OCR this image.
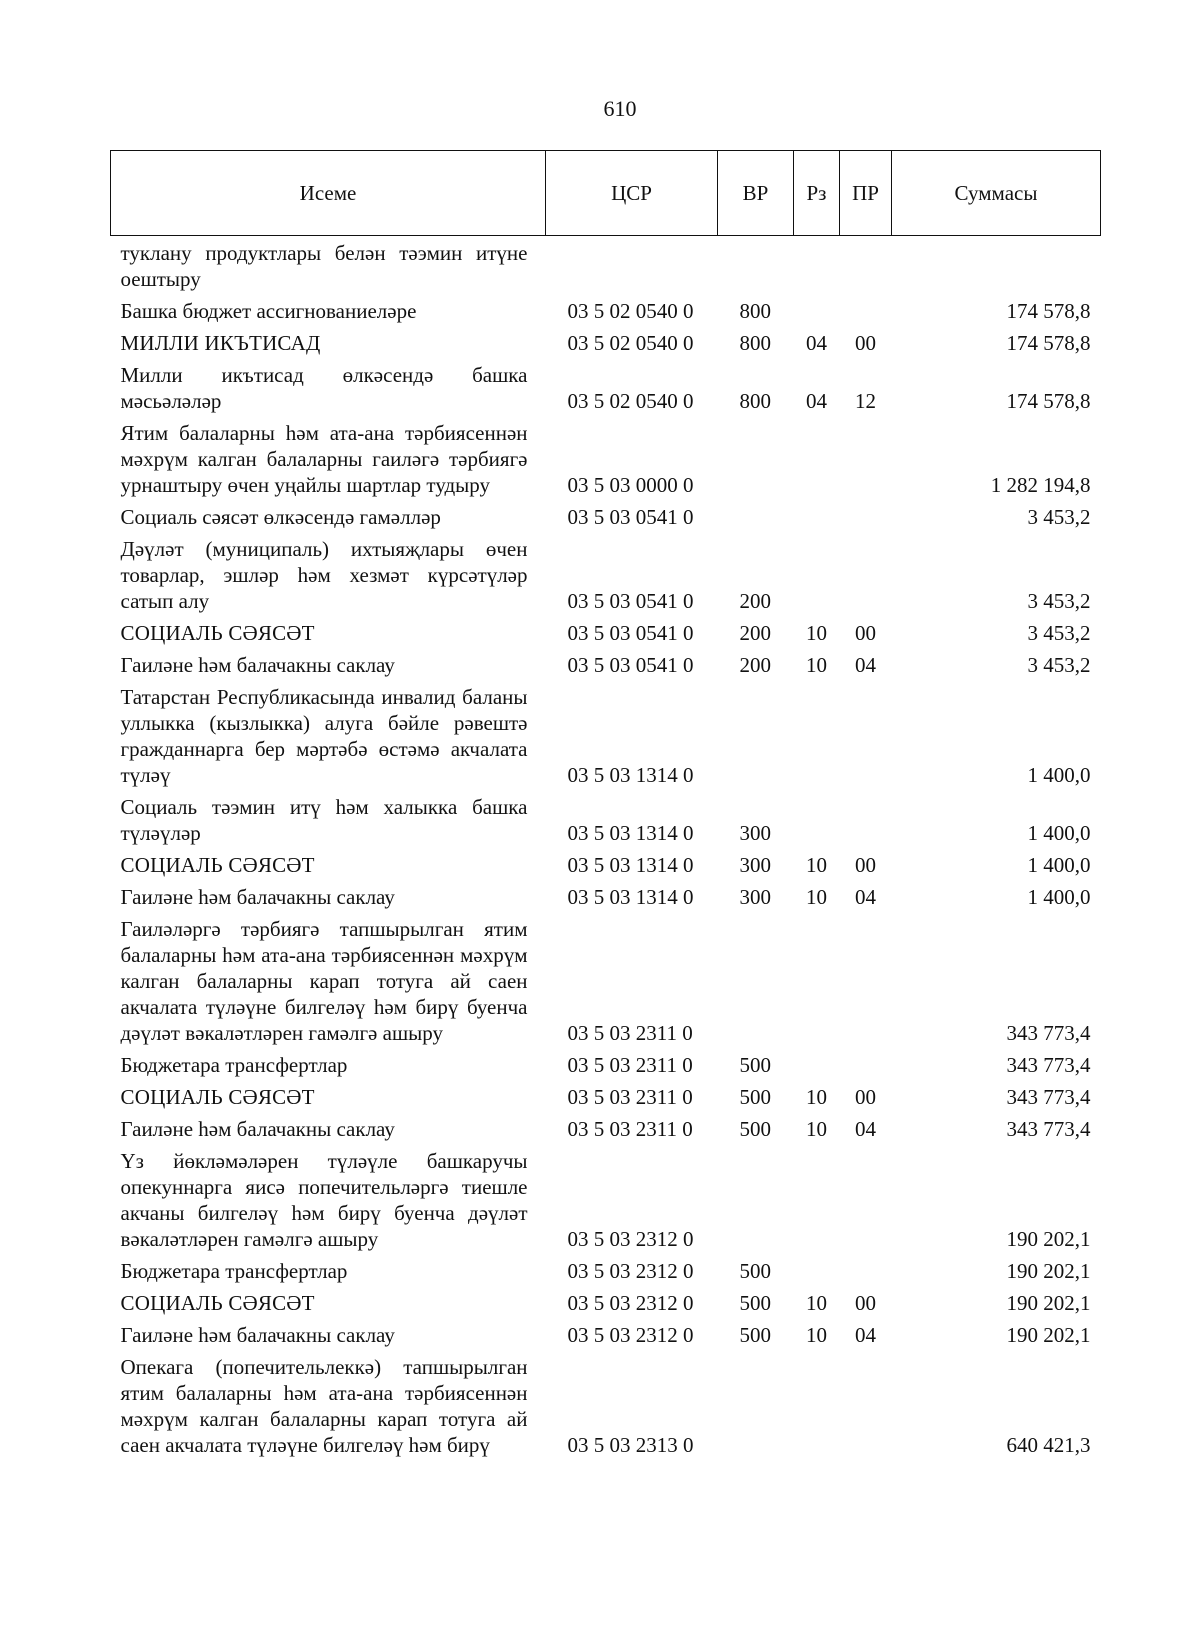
610
Исеме	ЦСР	ВР	Рз	ПР	Суммасы
туклану продуктлары белән тәэмин итүне оештыру					
Башка бюджет ассигнованиеләре	03 5 02 0540 0	800			174 578,8
МИЛЛИ ИКЪТИСАД	03 5 02 0540 0	800	04	00	174 578,8
Милли икътисад өлкәсендә башка мәсьәләләр	03 5 02 0540 0	800	04	12	174 578,8
Ятим балаларны һәм ата-ана тәрбиясеннән мәхрүм калган балаларны гаиләгә тәрбиягә урнаштыру өчен уңайлы шартлар тудыру	03 5 03 0000 0				1 282 194,8
Социаль сәясәт өлкәсендә гамәлләр	03 5 03 0541 0				3 453,2
Дәүләт (муниципаль) ихтыяҗлары өчен товарлар, эшләр һәм хезмәт күрсәтүләр сатып алу	03 5 03 0541 0	200			3 453,2
СОЦИАЛЬ СӘЯСӘТ	03 5 03 0541 0	200	10	00	3 453,2
Гаиләне һәм балачакны саклау	03 5 03 0541 0	200	10	04	3 453,2
Татарстан Республикасында инвалид баланы уллыкка (кызлыкка) алуга бәйле рәвештә гражданнарга бер мәртәбә өстәмә акчалата түләү	03 5 03 1314 0				1 400,0
Социаль тәэмин итү һәм халыкка башка түләүләр	03 5 03 1314 0	300			1 400,0
СОЦИАЛЬ СӘЯСӘТ	03 5 03 1314 0	300	10	00	1 400,0
Гаиләне һәм балачакны саклау	03 5 03 1314 0	300	10	04	1 400,0
Гаиләләргә тәрбиягә тапшырылган ятим балаларны һәм ата-ана тәрбиясеннән мәхрүм калган балаларны карап тотуга ай саен акчалата түләүне билгеләү һәм бирү буенча дәүләт вәкаләтләрен гамәлгә ашыру	03 5 03 2311 0				343 773,4
Бюджетара трансфертлар	03 5 03 2311 0	500			343 773,4
СОЦИАЛЬ СӘЯСӘТ	03 5 03 2311 0	500	10	00	343 773,4
Гаиләне һәм балачакны саклау	03 5 03 2311 0	500	10	04	343 773,4
Үз йөкләмәләрен түләүле башкаручы опекуннарга яисә попечительләргә тиешле акчаны билгеләү һәм бирү буенча дәүләт вәкаләтләрен гамәлгә ашыру	03 5 03 2312 0				190 202,1
Бюджетара трансфертлар	03 5 03 2312 0	500			190 202,1
СОЦИАЛЬ СӘЯСӘТ	03 5 03 2312 0	500	10	00	190 202,1
Гаиләне һәм балачакны саклау	03 5 03 2312 0	500	10	04	190 202,1
Опекага (попечительлеккә) тапшырылган ятим балаларны һәм ата-ана тәрбиясеннән мәхрүм калган балаларны карап тотуга ай саен акчалата түләүне билгеләү һәм бирү	03 5 03 2313 0				640 421,3
